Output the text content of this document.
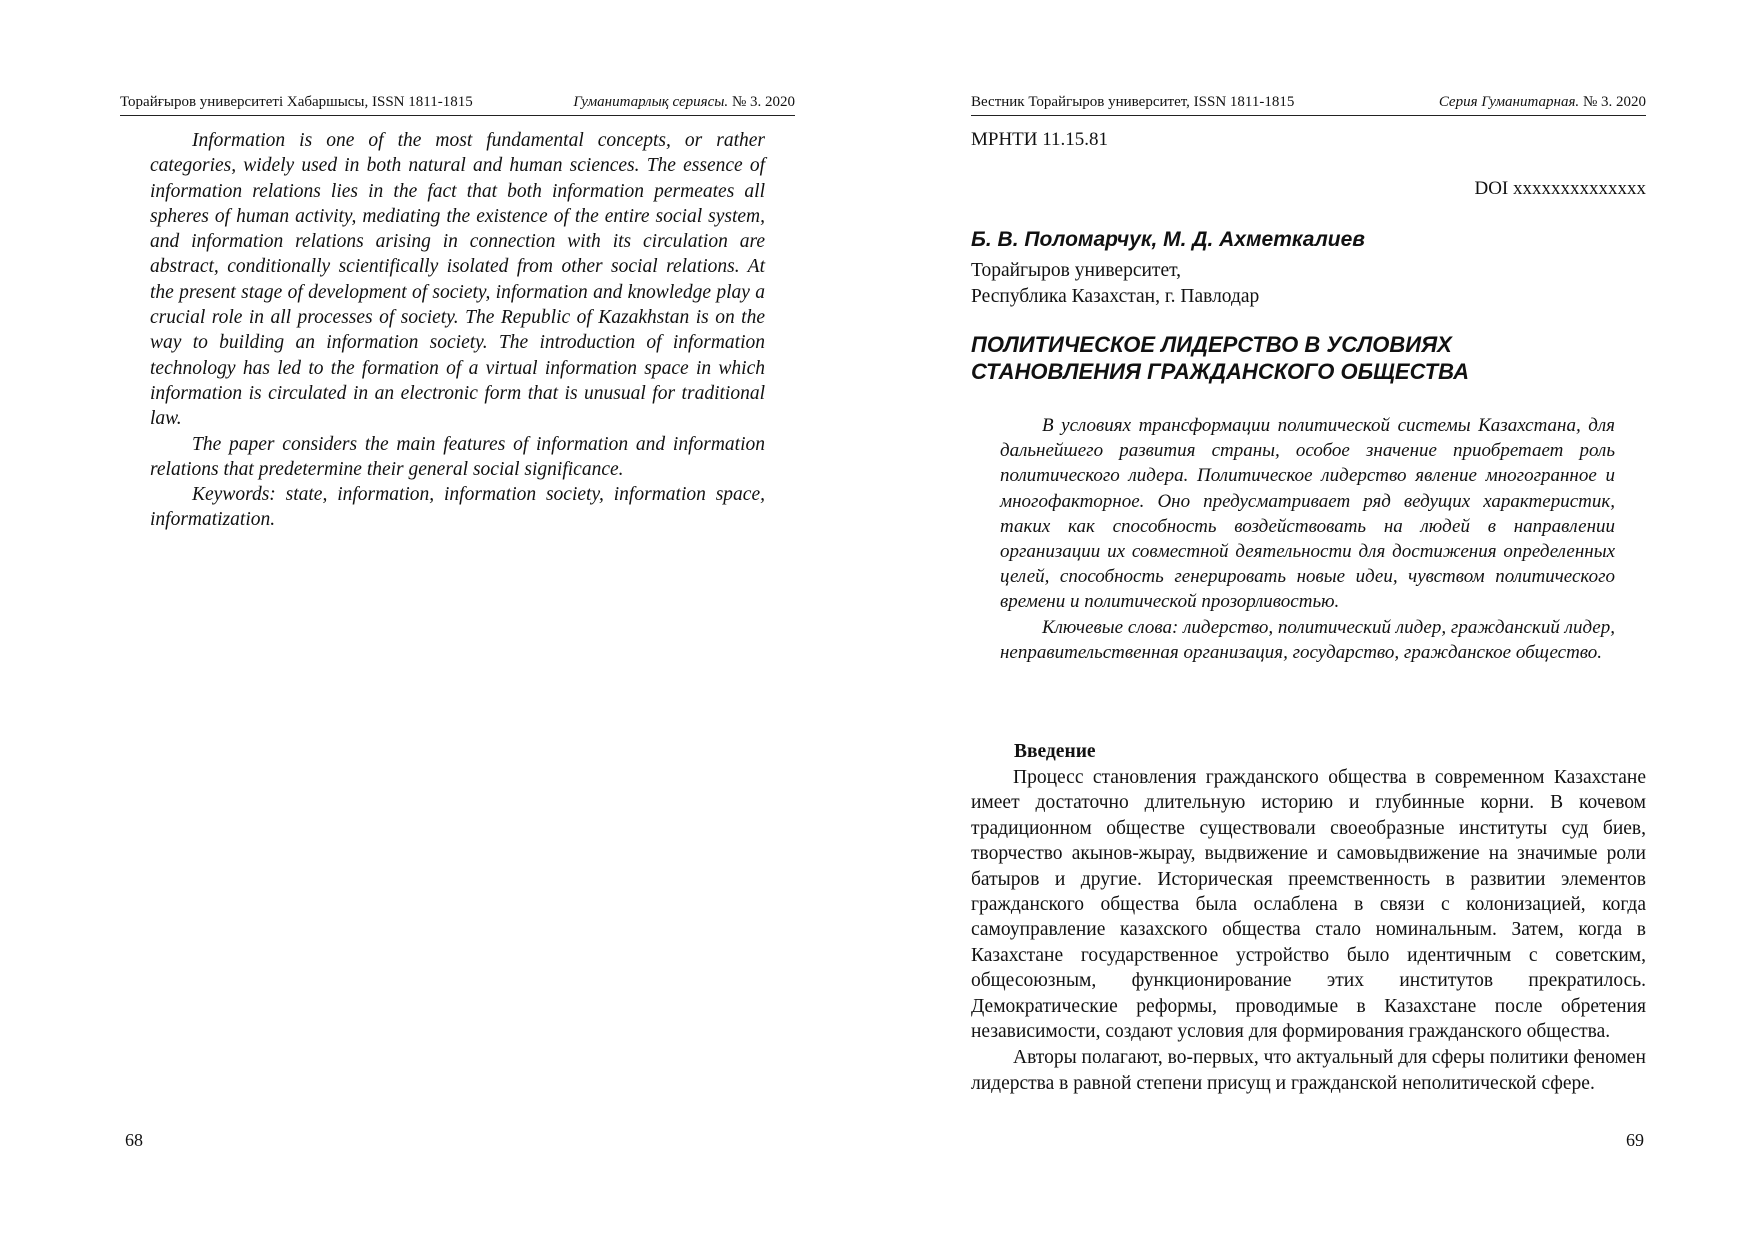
Торайғыров университеті Хабаршысы, ISSN 1811-1815	Гуманитарлық сериясы. № 3. 2020

Information is one of the most fundamental concepts, or rather categories, widely used in both natural and human sciences. The essence of information relations lies in the fact that both information permeates all spheres of human activity, mediating the existence of the entire social system, and information relations arising in connection with its circulation are abstract, conditionally scientifically isolated from other social relations. At the present stage of development of society, information and knowledge play a crucial role in all processes of society. The Republic of Kazakhstan is on the way to building an information society. The introduction of information technology has led to the formation of a virtual information space in which information is circulated in an electronic form that is unusual for traditional law.

The paper considers the main features of information and information relations that predetermine their general social significance.

Keywords: state, information, information society, information space, informatization.

68
Вестник Торайгыров университет, ISSN 1811-1815	Серия Гуманитарная. № 3. 2020
МРНТИ 11.15.81
DOI xxxxxxxxxxxxxx
Б. В. Поломарчук, М. Д. Ахметкалиев
Торайгыров университет,
Республика Казахстан, г. Павлодар
ПОЛИТИЧЕСКОЕ ЛИДЕРСТВО В УСЛОВИЯХ
СТАНОВЛЕНИЯ ГРАЖДАНСКОГО ОБЩЕСТВА

В условиях трансформации политической системы Казахстана, для дальнейшего развития страны, особое значение приобретает роль политического лидера. Политическое лидерство явление многогранное и многофакторное. Оно предусматривает ряд ведущих характеристик, таких как способность воздействовать на людей в направлении организации их совместной деятельности для достижения определенных целей, способность генерировать новые идеи, чувством политического времени и политической прозорливостью.

Ключевые слова: лидерство, политический лидер, гражданский лидер, неправительственная организация, государство, гражданское общество.

Введение

Процесс становления гражданского общества в современном Казахстане имеет достаточно длительную историю и глубинные корни. В кочевом традиционном обществе существовали своеобразные институты суд биев, творчество акынов-жырау, выдвижение и самовыдвижение на значимые роли батыров и другие. Историческая преемственность в развитии элементов гражданского общества была ослаблена в связи с колонизацией, когда самоуправление казахского общества стало номинальным. Затем, когда в Казахстане государственное устройство было идентичным с советским, общесоюзным, функционирование этих институтов прекратилось. Демократические реформы, проводимые в Казахстане после обретения независимости, создают условия для формирования гражданского общества.

Авторы полагают, во-первых, что актуальный для сферы политики феномен лидерства в равной степени присущ и гражданской неполитической сфере.

69
